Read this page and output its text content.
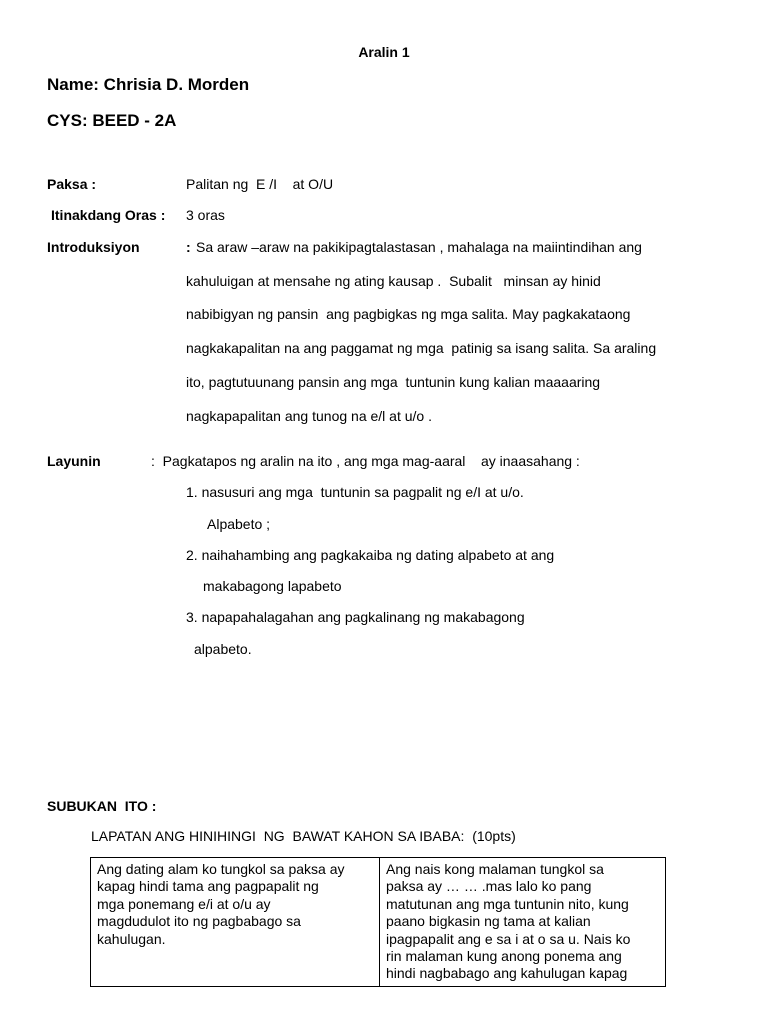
Aralin 1
Name: Chrisia D. Morden
CYS: BEED - 2A
Paksa :	Palitan ng  E /I    at O/U
Itinakdang Oras : 3 oras
Introduksiyon	: Sa araw –araw na pakikipagtalastasan , mahalaga na maiintindihan ang
kahuluigan at mensahe ng ating kausap .  Subalit   minsan ay hinid
nabibigyan ng pansin  ang pagbigkas ng mga salita. May pagkakataong
nagkakapalitan na ang paggamat ng mga  patinig sa isang salita. Sa araling
ito, pagtutuunang pansin ang mga  tuntunin kung kalian maaaaring
nagkapapalitan ang tunog na e/l at u/o .
Layunin	:  Pagkatapos ng aralin na ito , ang mga mag-aaral    ay inaasahang :
1. nasusuri ang mga  tuntunin sa pagpalit ng e/I at u/o.
Alpabeto ;
2. naihahambing ang pagkakaiba ng dating alpabeto at ang
makabagong lapabeto
3. napapahalagahan ang pagkalinang ng makabagong
alpabeto.
SUBUKAN  ITO :
LAPATAN ANG HINIHINGI  NG  BAWAT KAHON SA IBABA:  (10pts)
Ang dating alam ko tungkol sa paksa ay
kapag hindi tama ang pagpapalit ng
mga ponemang e/i at o/u ay
magdudulot ito ng pagbabago sa
kahulugan.

Ang nais kong malaman tungkol sa
paksa ay … … .mas lalo ko pang
matutunan ang mga tuntunin nito, kung
paano bigkasin ng tama at kalian
ipagpapalit ang e sa i at o sa u. Nais ko
rin malaman kung anong ponema ang
hindi nagbabago ang kahulugan kapag
